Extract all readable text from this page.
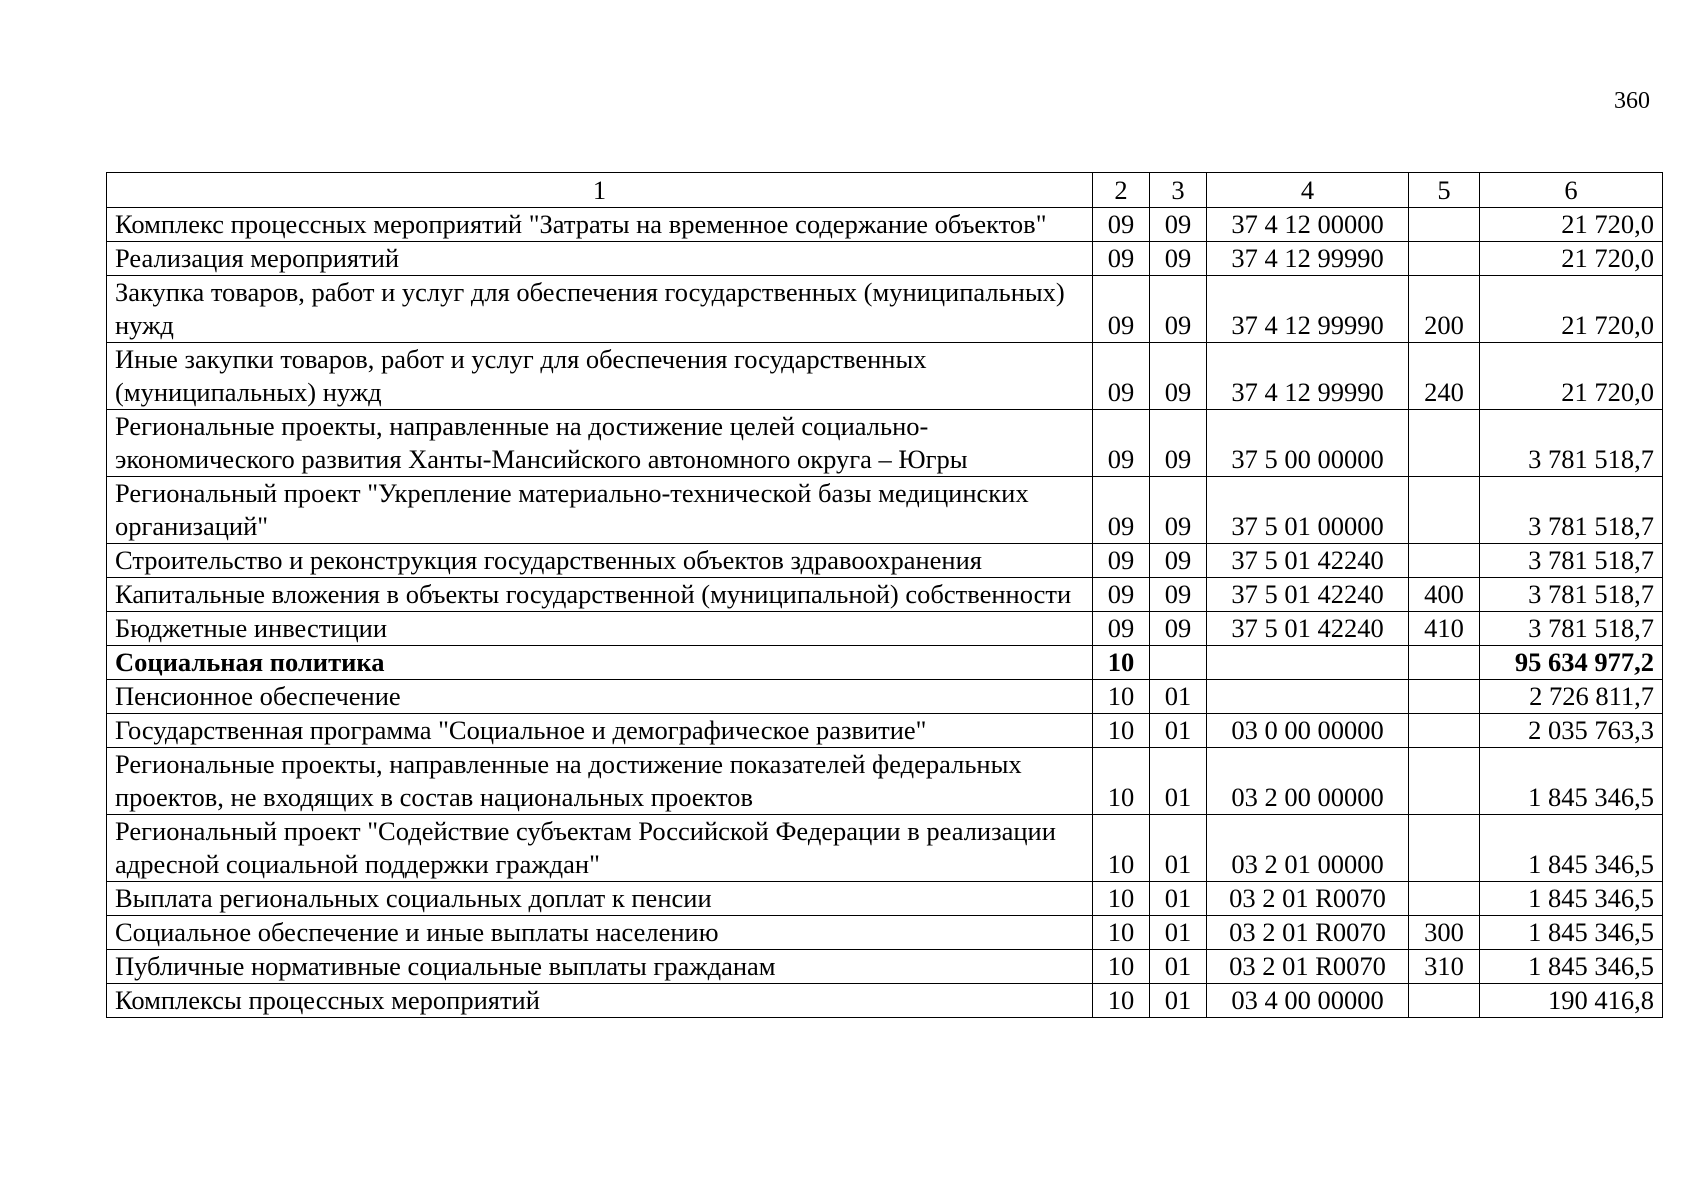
360
1	2	3	4	5	6
Комплекс процессных мероприятий "Затраты на временное содержание объектов"	09	09	37 4 12 00000		21 720,0
Реализация мероприятий	09	09	37 4 12 99990		21 720,0
Закупка товаров, работ и услуг для обеспечения государственных (муниципальных) нужд	09	09	37 4 12 99990	200	21 720,0
Иные закупки товаров, работ и услуг для обеспечения государственных (муниципальных) нужд	09	09	37 4 12 99990	240	21 720,0
Региональные проекты, направленные на достижение целей социально-экономического развития Ханты-Мансийского автономного округа – Югры	09	09	37 5 00 00000		3 781 518,7
Региональный проект "Укрепление материально-технической базы медицинских организаций"	09	09	37 5 01 00000		3 781 518,7
Строительство и реконструкция государственных объектов здравоохранения	09	09	37 5 01 42240		3 781 518,7
Капитальные вложения в объекты государственной (муниципальной) собственности	09	09	37 5 01 42240	400	3 781 518,7
Бюджетные инвестиции	09	09	37 5 01 42240	410	3 781 518,7
Социальная политика	10				95 634 977,2
Пенсионное обеспечение	10	01			2 726 811,7
Государственная программа "Социальное и демографическое развитие"	10	01	03 0 00 00000		2 035 763,3
Региональные проекты, направленные на достижение показателей федеральных проектов, не входящих в состав национальных проектов	10	01	03 2 00 00000		1 845 346,5
Региональный проект "Содействие субъектам Российской Федерации в реализации адресной социальной поддержки граждан"	10	01	03 2 01 00000		1 845 346,5
Выплата региональных социальных доплат к пенсии	10	01	03 2 01 R0070		1 845 346,5
Социальное обеспечение и иные выплаты населению	10	01	03 2 01 R0070	300	1 845 346,5
Публичные нормативные социальные выплаты гражданам	10	01	03 2 01 R0070	310	1 845 346,5
Комплексы процессных мероприятий	10	01	03 4 00 00000		190 416,8
